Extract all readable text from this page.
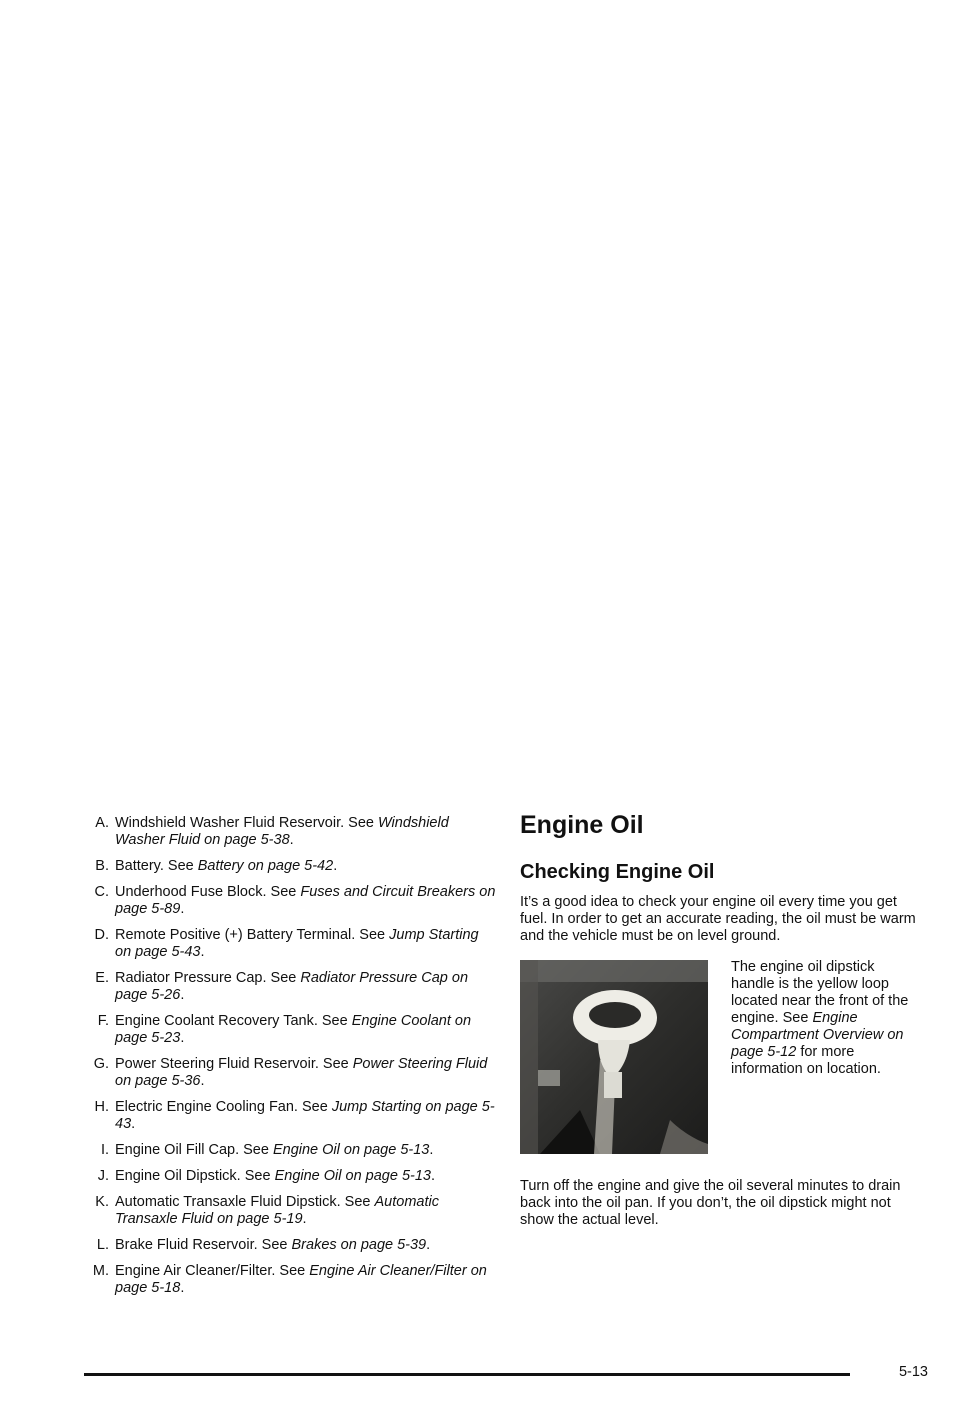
A. Windshield Washer Fluid Reservoir. See Windshield Washer Fluid on page 5-38.
B. Battery. See Battery on page 5-42.
C. Underhood Fuse Block. See Fuses and Circuit Breakers on page 5-89.
D. Remote Positive (+) Battery Terminal. See Jump Starting on page 5-43.
E. Radiator Pressure Cap. See Radiator Pressure Cap on page 5-26.
F. Engine Coolant Recovery Tank. See Engine Coolant on page 5-23.
G. Power Steering Fluid Reservoir. See Power Steering Fluid on page 5-36.
H. Electric Engine Cooling Fan. See Jump Starting on page 5-43.
I. Engine Oil Fill Cap. See Engine Oil on page 5-13.
J. Engine Oil Dipstick. See Engine Oil on page 5-13.
K. Automatic Transaxle Fluid Dipstick. See Automatic Transaxle Fluid on page 5-19.
L. Brake Fluid Reservoir. See Brakes on page 5-39.
M. Engine Air Cleaner/Filter. See Engine Air Cleaner/Filter on page 5-18.
Engine Oil
Checking Engine Oil

It’s a good idea to check your engine oil every time you get fuel. In order to get an accurate reading, the oil must be warm and the vehicle must be on level ground.

The engine oil dipstick handle is the yellow loop located near the front of the engine. See Engine Compartment Overview on page 5-12 for more information on location.

Turn off the engine and give the oil several minutes to drain back into the oil pan. If you don’t, the oil dipstick might not show the actual level.

5-13
